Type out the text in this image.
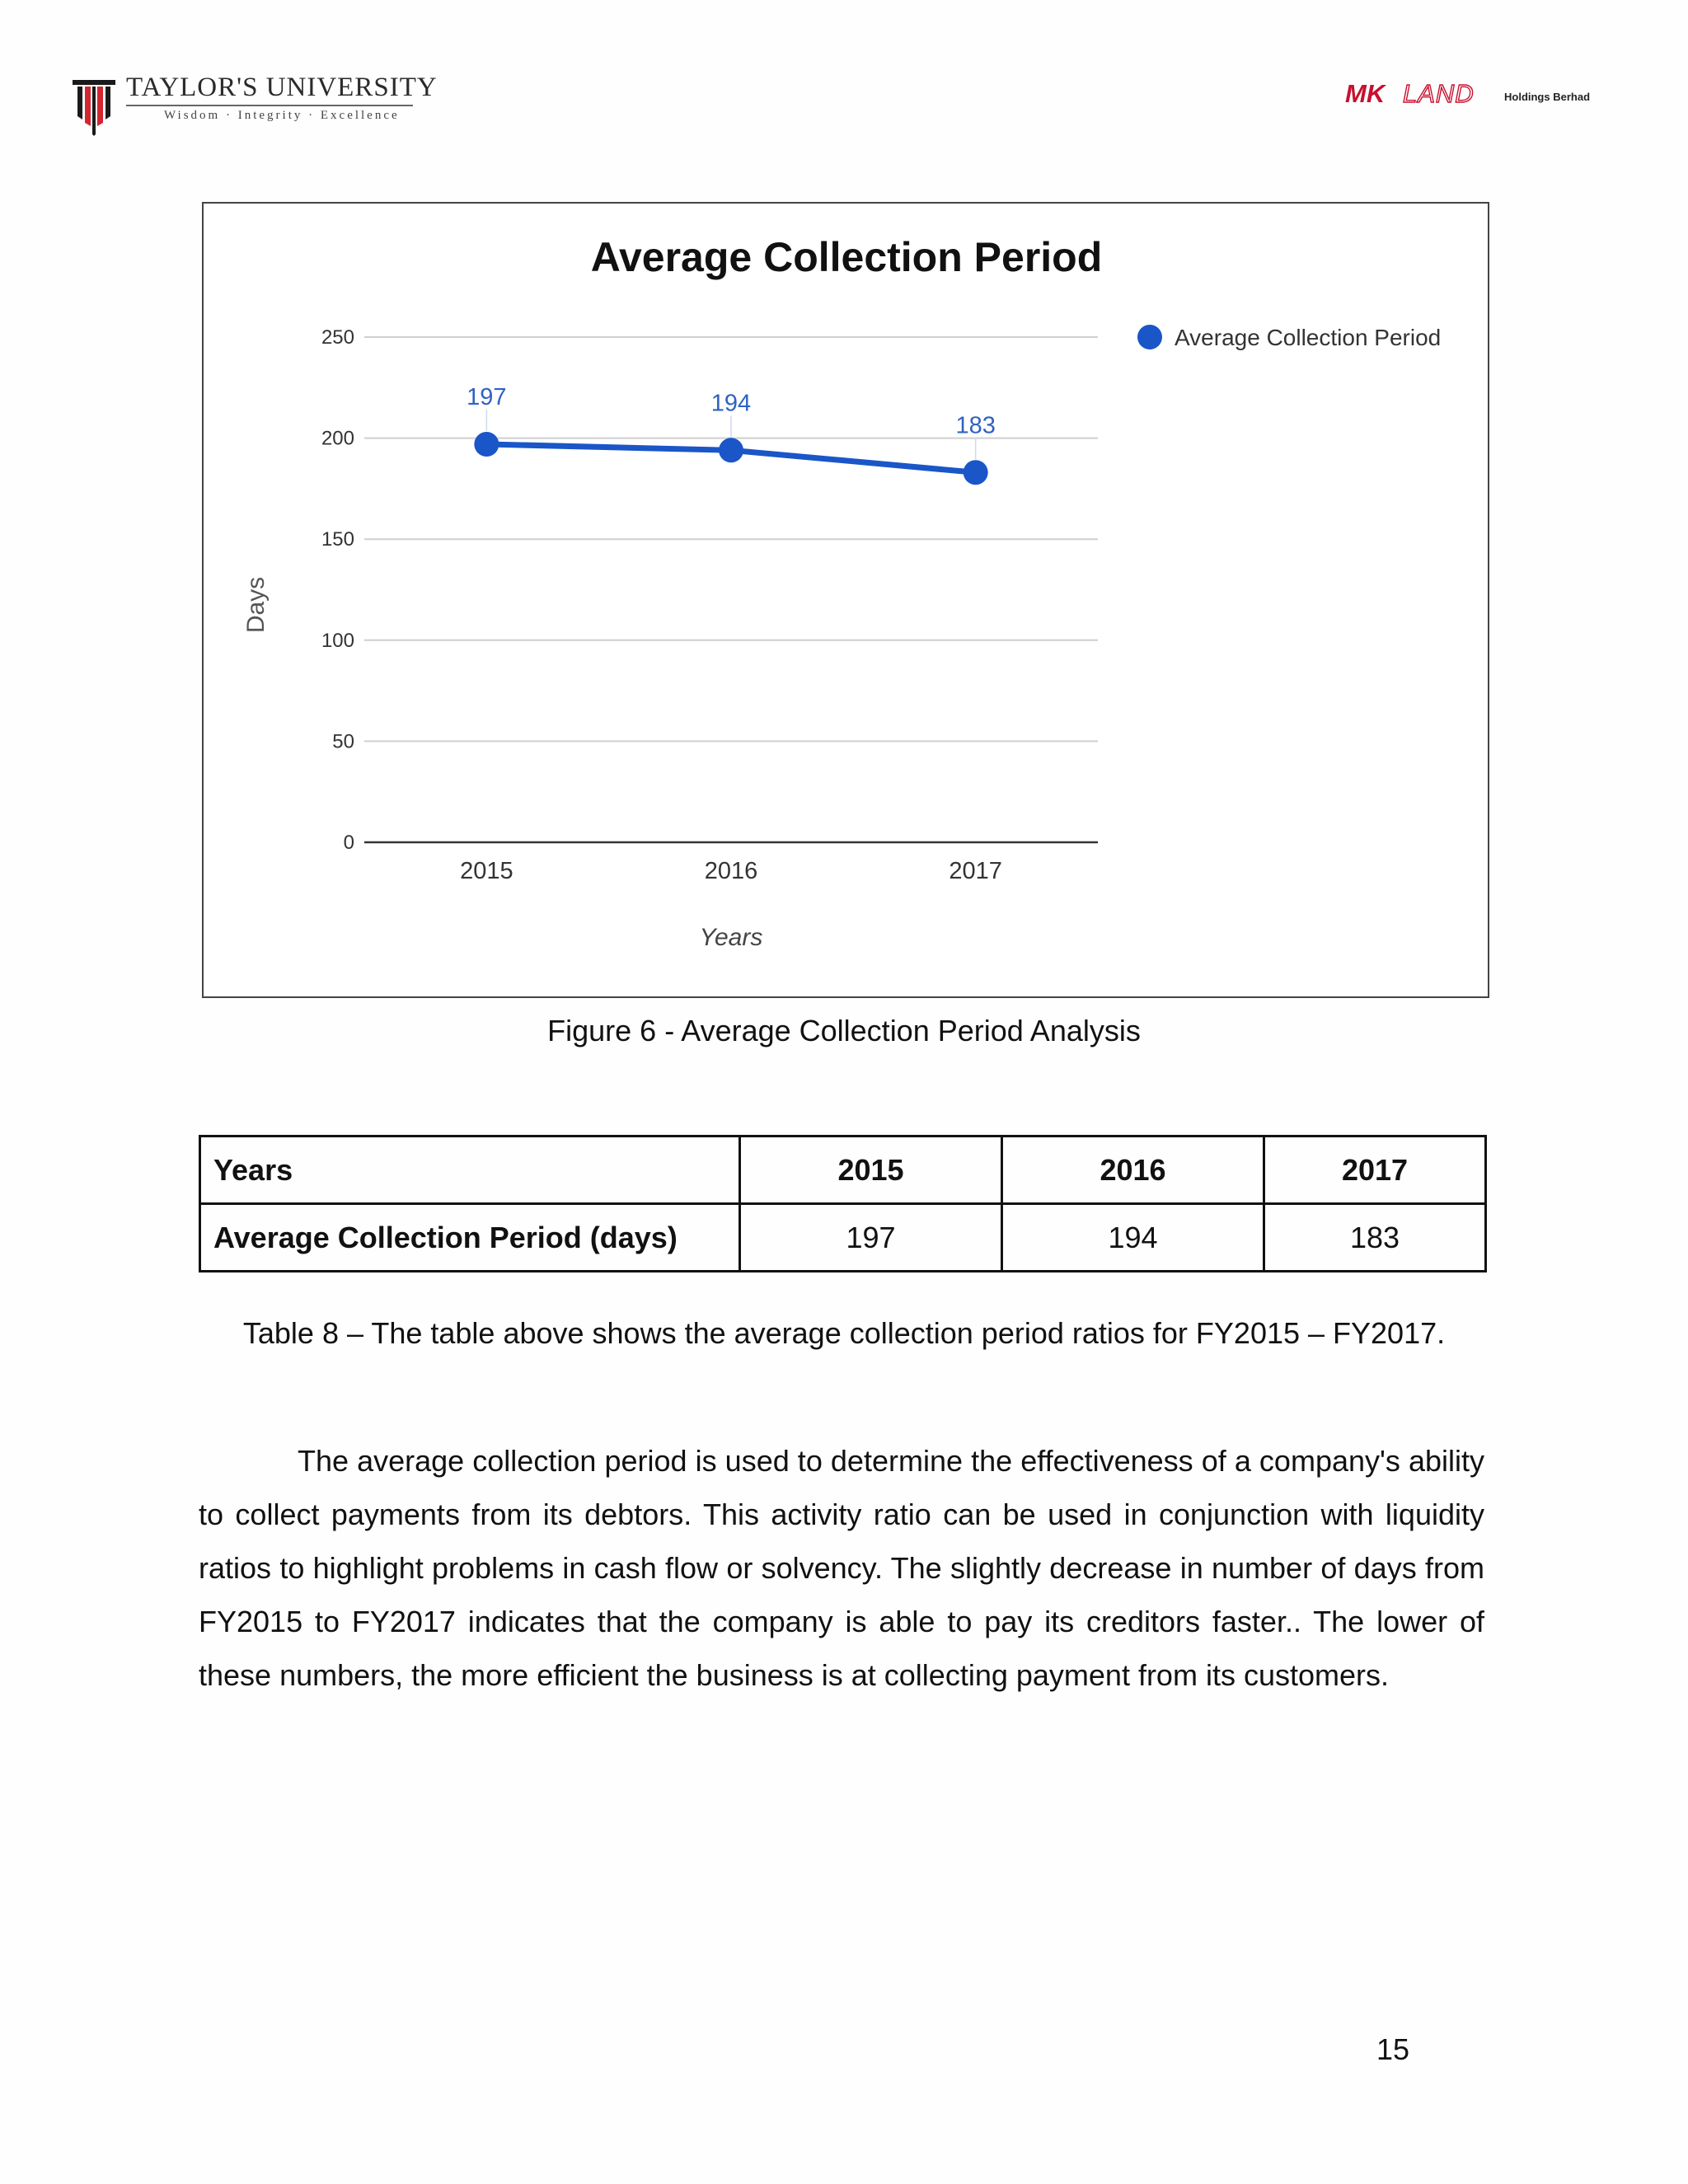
TAYLOR'S UNIVERSITY
Wisdom · Integrity · Excellence
MK LAND	Holdings Berhad
Average Collection Period
0
50
100
150
200
250
2015	2016	2017
Years
Days
197	194
183
Average Collection Period
Figure 6 - Average Collection Period Analysis
Years	2015	2016	2017
Average Collection Period (days)	197	194	183
Table 8 – The table above shows the average collection period ratios for FY2015 – FY2017.

The average collection period is used to determine the effectiveness of a company's ability to collect payments from its debtors. This activity ratio can be used in conjunction with liquidity ratios to highlight problems in cash flow or solvency. The slightly decrease in number of days from FY2015 to FY2017 indicates that the company is able to pay its creditors faster.. The lower of these numbers, the more efficient the business is at collecting payment from its customers.

15
